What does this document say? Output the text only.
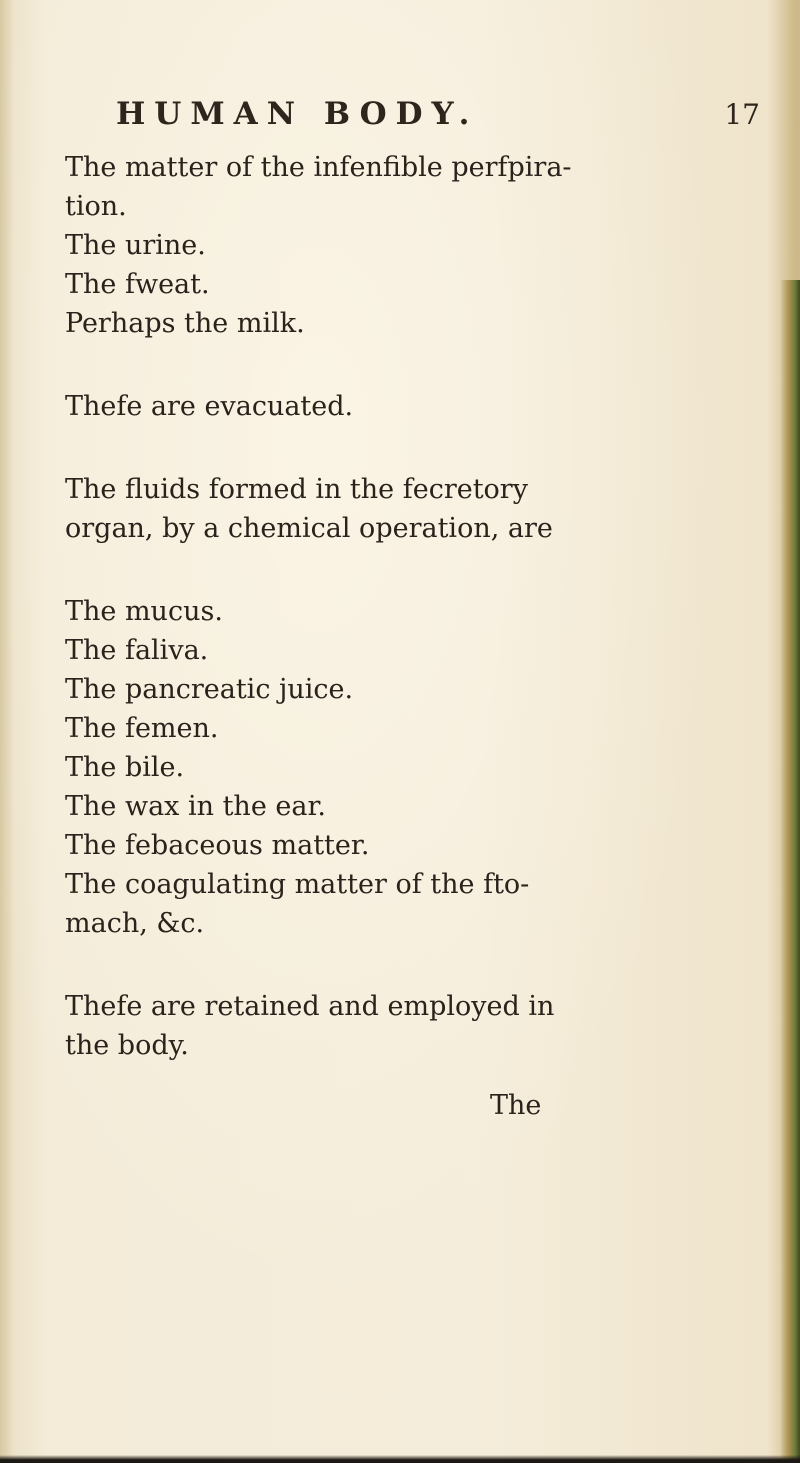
HUMAN BODY.	17

The matter of the infenfible perfpira-

tion.

The urine.

The fweat.

Perhaps the milk.

Thefe are evacuated.

The fluids formed in the fecretory

organ, by a chemical operation, are

The mucus.

The faliva.

The pancreatic juice.

The femen.

The bile.

The wax in the ear.

The febaceous matter.

The coagulating matter of the fto-

mach, &c.

Thefe are retained and employed in

the body.

The
